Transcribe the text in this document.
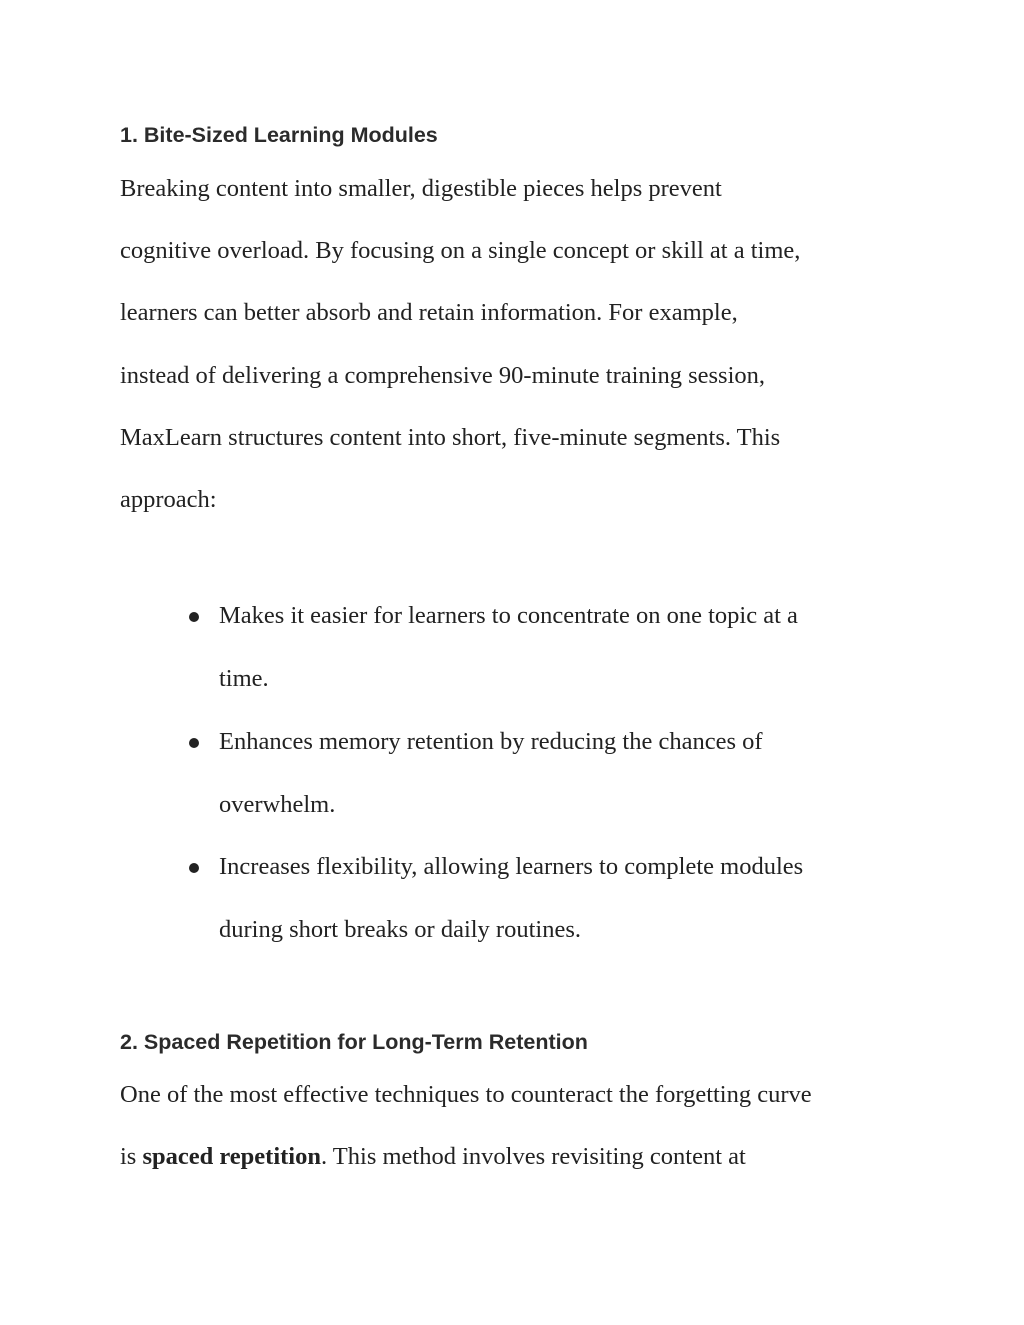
1. Bite-Sized Learning Modules

Breaking content into smaller, digestible pieces helps prevent

cognitive overload. By focusing on a single concept or skill at a time,

learners can better absorb and retain information. For example,

instead of delivering a comprehensive 90-minute training session,

MaxLearn structures content into short, five-minute segments. This

approach:

Makes it easier for learners to concentrate on one topic at a

time.

Enhances memory retention by reducing the chances of

overwhelm.

Increases flexibility, allowing learners to complete modules

during short breaks or daily routines.

2. Spaced Repetition for Long-Term Retention

One of the most effective techniques to counteract the forgetting curve

is spaced repetition. This method involves revisiting content at
